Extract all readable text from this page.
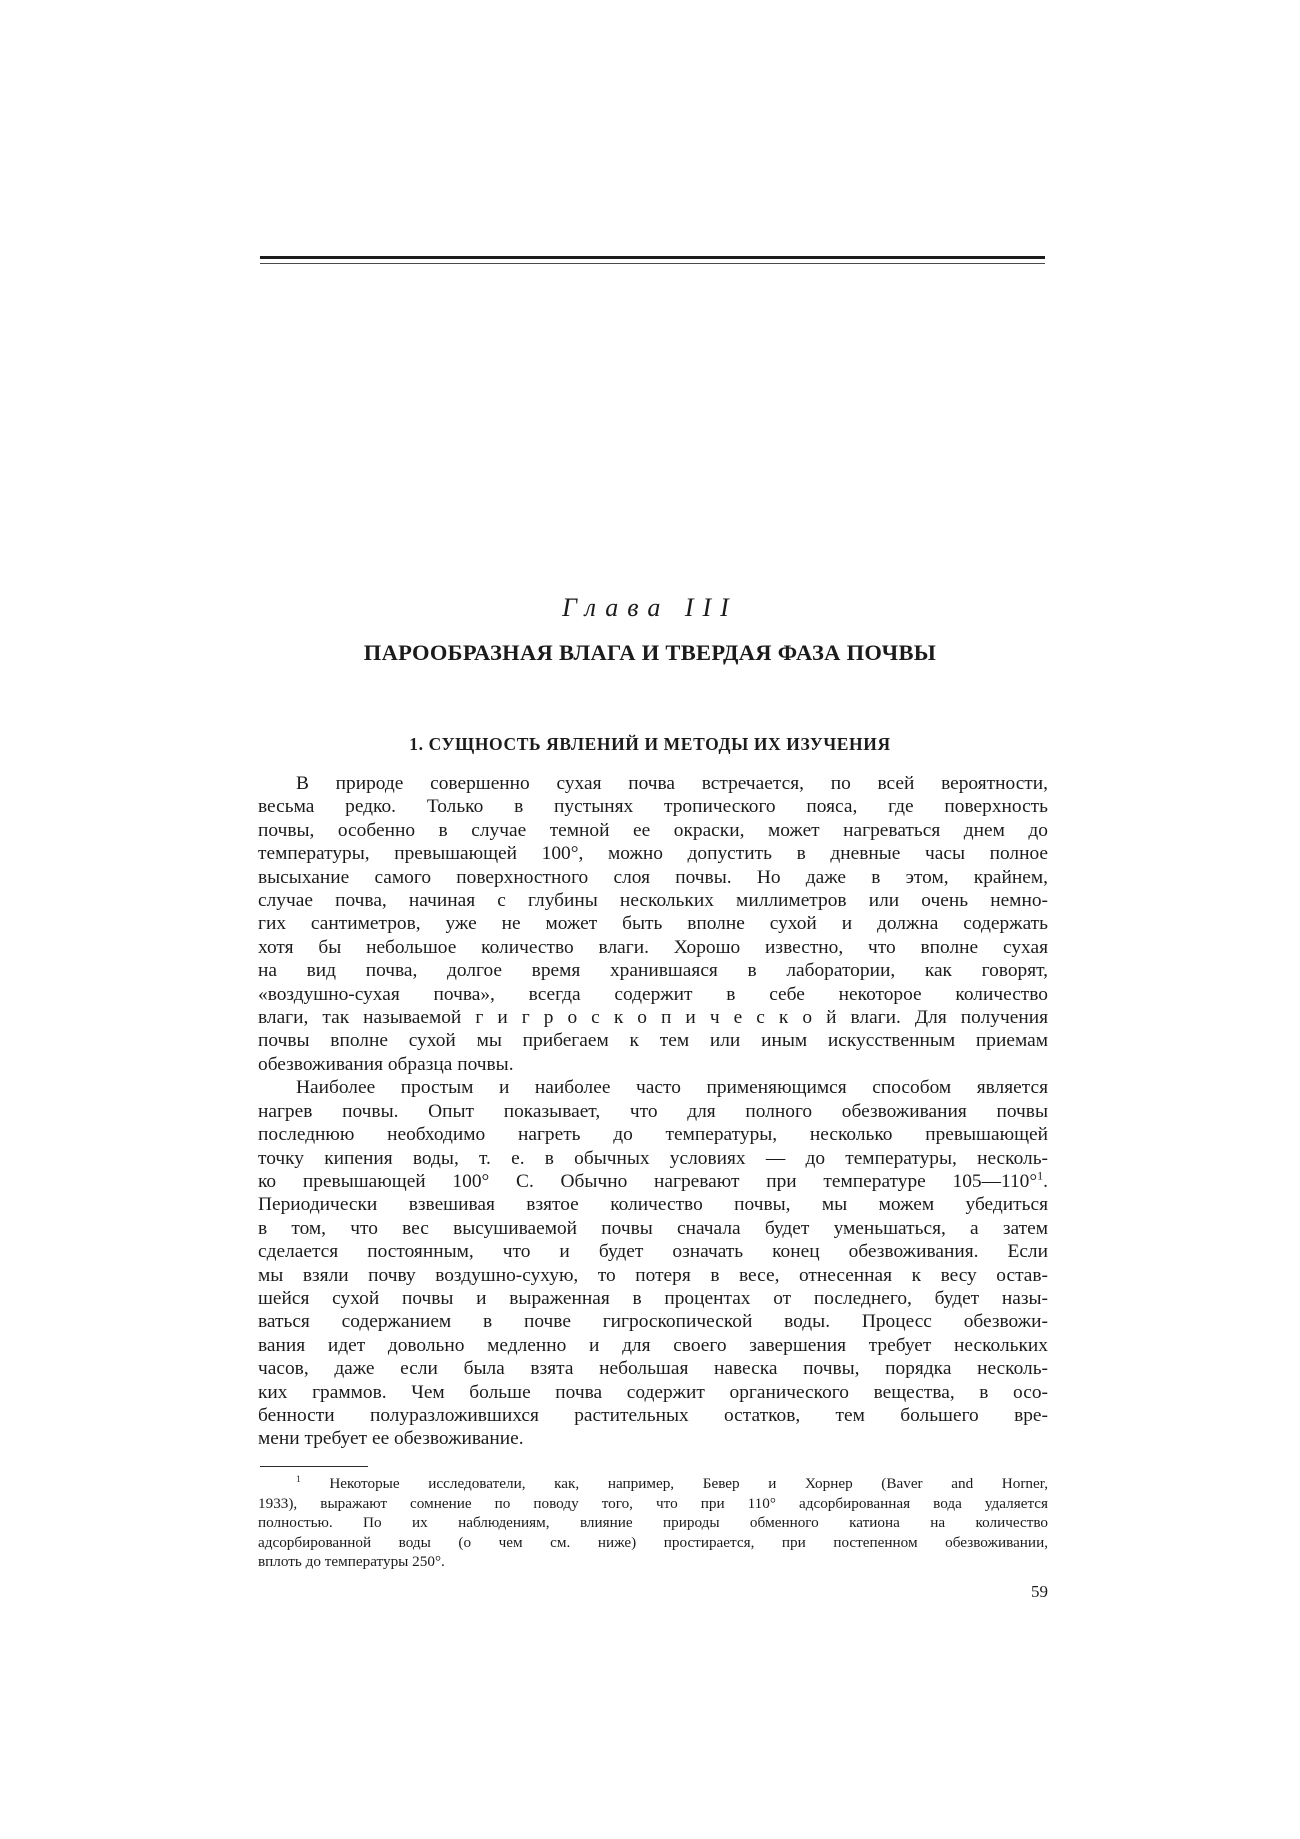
Глава III
ПАРООБРАЗНАЯ ВЛАГА И ТВЕРДАЯ ФАЗА ПОЧВЫ
1. СУЩНОСТЬ ЯВЛЕНИЙ И МЕТОДЫ ИХ ИЗУЧЕНИЯ
В природе совершенно сухая почва встречается, по всей вероятности,
весьма редко. Только в пустынях тропического пояса, где поверхность
почвы, особенно в случае темной ее окраски, может нагреваться днем до
температуры, превышающей 100°, можно допустить в дневные часы полное
высыхание самого поверхностного слоя почвы. Но даже в этом, крайнем,
случае почва, начиная с глубины нескольких миллиметров или очень немно-
гих сантиметров, уже не может быть вполне сухой и должна содержать
хотя бы небольшое количество влаги. Хорошо известно, что вполне сухая
на вид почва, долгое время хранившаяся в лаборатории, как говорят,
«воздушно-сухая почва», всегда содержит в себе некоторое количество
влаги, так называемой г и г р о с к о п и ч е с к о й влаги. Для получения
почвы вполне сухой мы прибегаем к тем или иным искусственным приемам
обезвоживания образца почвы.
Наиболее простым и наиболее часто применяющимся способом является
нагрев почвы. Опыт показывает, что для полного обезвоживания почвы
последнюю необходимо нагреть до температуры, несколько превышающей
точку кипения воды, т. е. в обычных условиях — до температуры, несколь-
ко превышающей 100° С. Обычно нагревают при температуре 105—110°$^1$.
Периодически взвешивая взятое количество почвы, мы можем убедиться
в том, что вес высушиваемой почвы сначала будет уменьшаться, а затем
сделается постоянным, что и будет означать конец обезвоживания. Если
мы взяли почву воздушно-сухую, то потеря в весе, отнесенная к весу остав-
шейся сухой почвы и выраженная в процентах от последнего, будет назы-
ваться содержанием в почве гигроскопической воды. Процесс обезвожи-
вания идет довольно медленно и для своего завершения требует нескольких
часов, даже если была взята небольшая навеска почвы, порядка несколь-
ких граммов. Чем больше почва содержит органического вещества, в осо-
бенности полуразложившихся растительных остатков, тем большего вре-
мени требует ее обезвоживание.
$^1$ Некоторые исследователи, как, например, Бевер и Хорнер (Baver and Horner,
1933), выражают сомнение по поводу того, что при 110° адсорбированная вода удаляется
полностью. По их наблюдениям, влияние природы обменного катиона на количество
адсорбированной воды (о чем см. ниже) простирается, при постепенном обезвоживании,
вплоть до температуры 250°.
59
